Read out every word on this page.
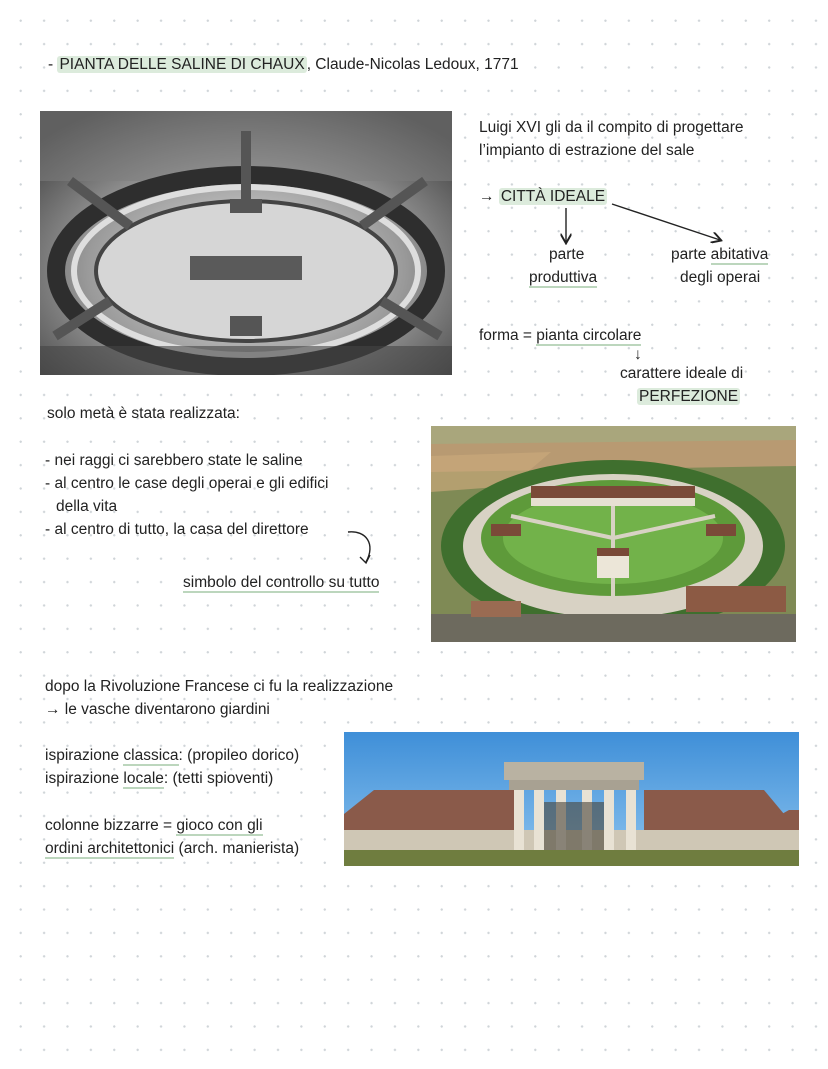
- PIANTA DELLE SALINE DI CHAUX , Claude-Nicolas Ledoux, 1771
Luigi XVI gli da il compito di progettare
l’impianto di estrazione del sale
→ CITTÀ IDEALE
parte
produttiva
parte abitativa
degli operai
forma = pianta circolare
↓
carattere ideale di
PERFEZIONE
solo metà è stata realizzata:
- nei raggi ci sarebbero state le saline
- al centro le case degli operai e gli edifici
della vita
- al centro di tutto, la casa del direttore
simbolo del controllo su tutto
dopo la Rivoluzione Francese ci fu la realizzazione
→ le vasche diventarono giardini
ispirazione classica: (propileo dorico)
ispirazione locale: (tetti spioventi)
colonne bizzarre = gioco con gli
ordini architettonici (arch. manierista)
